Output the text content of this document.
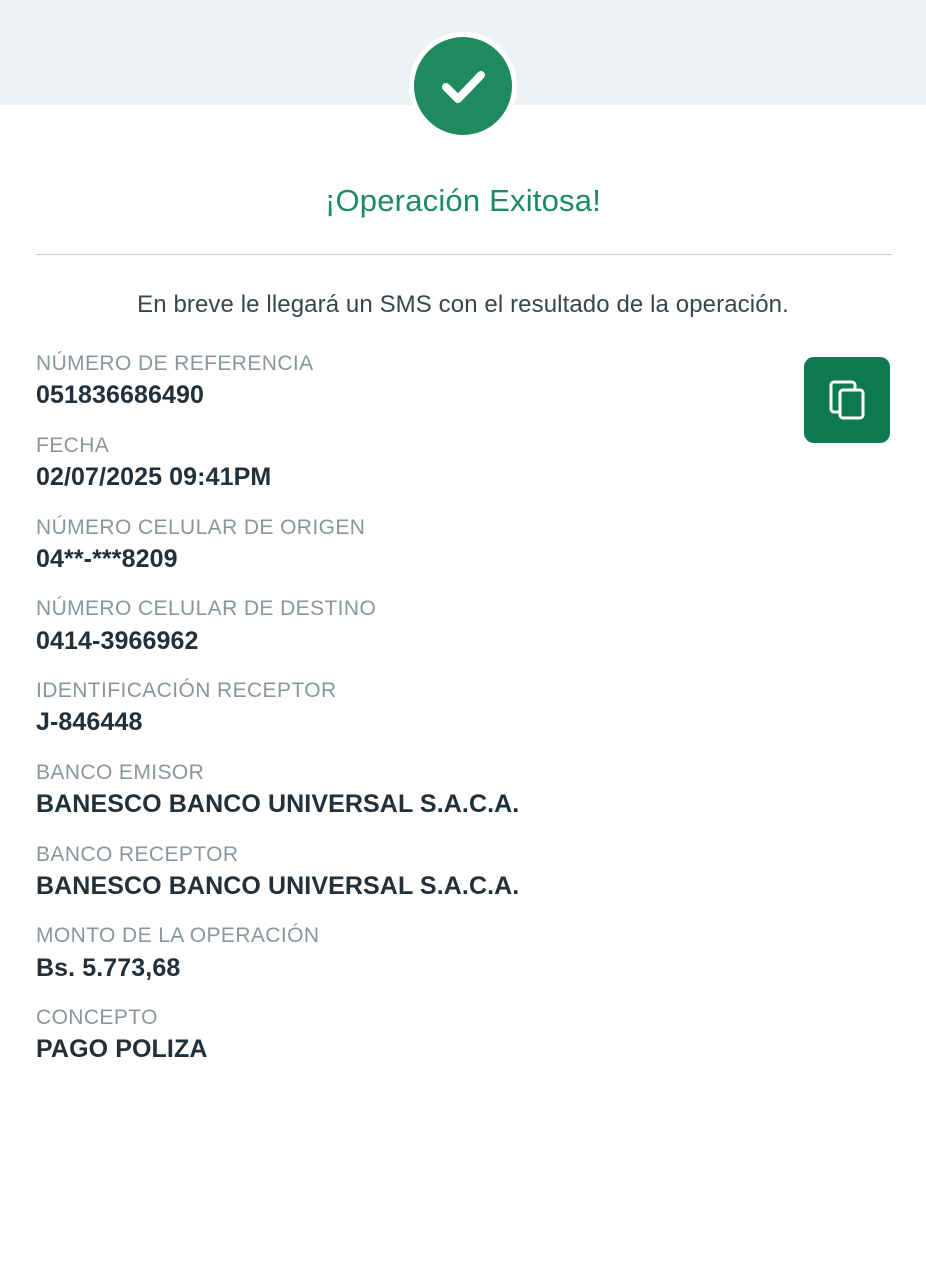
¡Operación Exitosa!
En breve le llegará un SMS con el resultado de la operación.
NÚMERO DE REFERENCIA
051836686490
FECHA
02/07/2025 09:41PM
NÚMERO CELULAR DE ORIGEN
04**-***8209
NÚMERO CELULAR DE DESTINO
0414-3966962
IDENTIFICACIÓN RECEPTOR
J-846448
BANCO EMISOR
BANESCO BANCO UNIVERSAL S.A.C.A.
BANCO RECEPTOR
BANESCO BANCO UNIVERSAL S.A.C.A.
MONTO DE LA OPERACIÓN
Bs. 5.773,68
CONCEPTO
PAGO POLIZA
